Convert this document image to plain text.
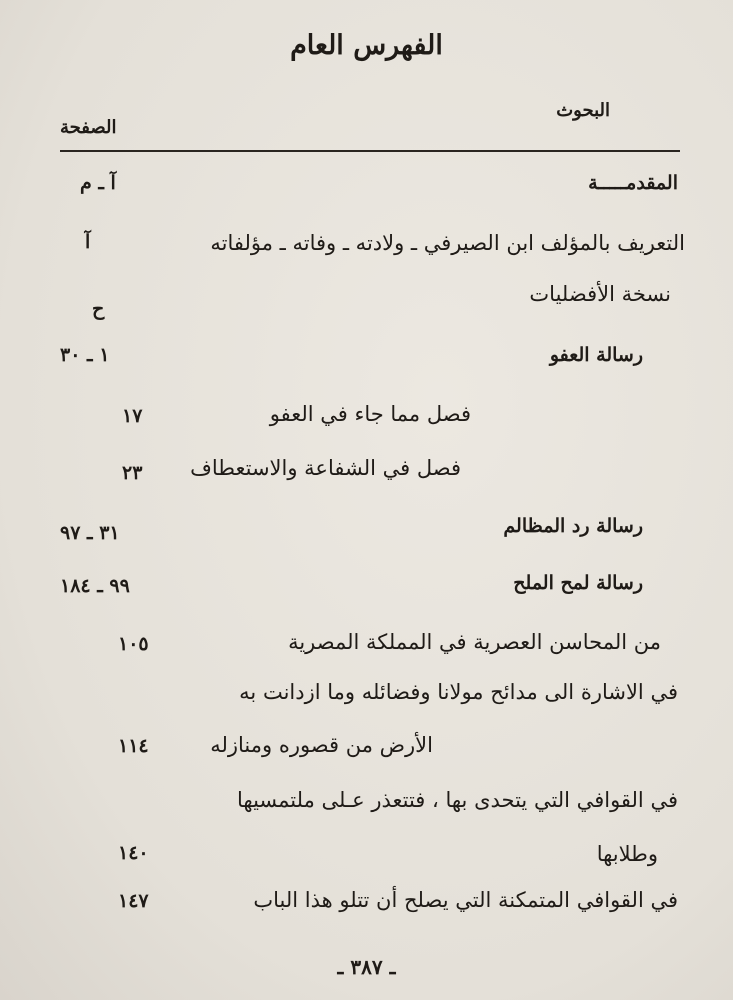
الفهرس العام
البحوث
الصفحة
المقدمـــــة
آ ـ م
التعريف بالمؤلف ابن الصيرفي ـ ولادته ـ وفاته ـ مؤلفاته
آ
نسخة الأفضليات
ح
رسالة العفو
١ ـ ٣٠
فصل مما جاء في العفو
١٧
فصل في الشفاعة والاستعطاف
٢٣
رسالة رد المظالم
٣١ ـ ٩٧
رسالة لمح الملح
٩٩ ـ ١٨٤
من المحاسن العصرية في المملكة المصرية
١٠٥
في الاشارة الى مدائح مولانا وفضائله وما ازدانت به
الأرض من قصوره ومنازله
١١٤
في القوافي التي يتحدى بها ، فتتعذر عـلى ملتمسيها
وطلابها
١٤٠
في القوافي المتمكنة التي يصلح أن تتلو هذا الباب
١٤٧
ـ ٣٨٧ ـ
